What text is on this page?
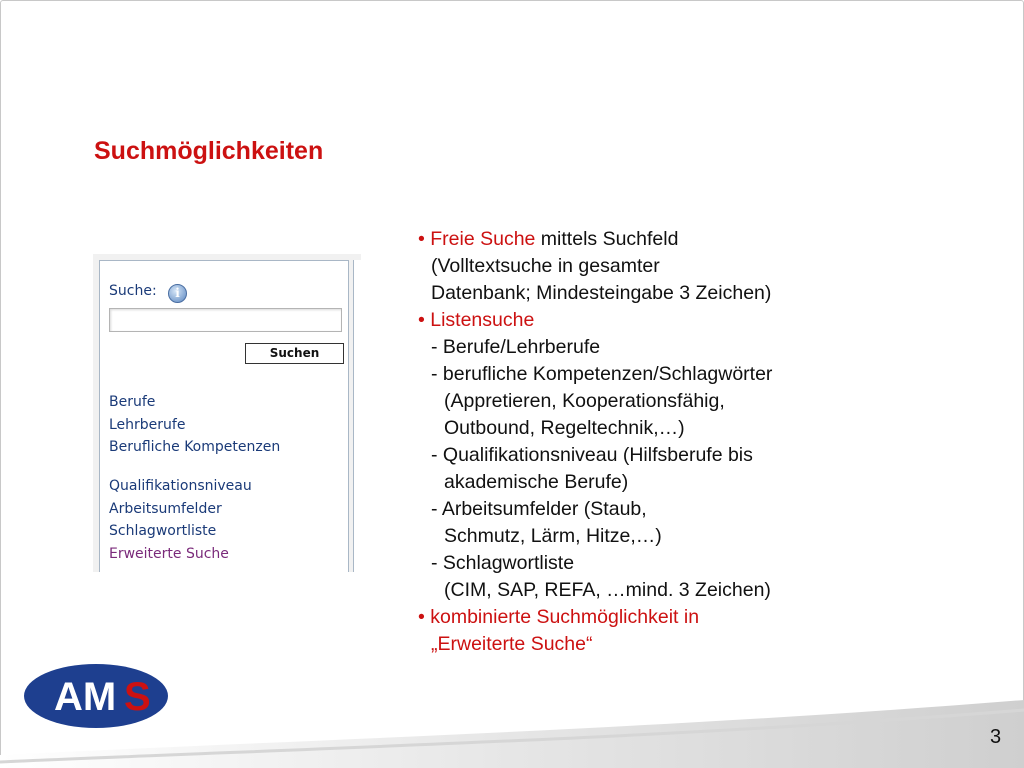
Suchmöglichkeiten
Suche:	i
Suchen
Berufe
Lehrberufe
Berufliche Kompetenzen
Qualifikationsniveau
Arbeitsumfelder
Schlagwortliste
Erweiterte Suche
• Freie Suche mittels Suchfeld
(Volltextsuche in gesamter
Datenbank; Mindesteingabe 3 Zeichen)
• Listensuche
- Berufe/Lehrberufe
- berufliche Kompetenzen/Schlagwörter
(Appretieren, Kooperationsfähig,
Outbound, Regeltechnik,…)
- Qualifikationsniveau (Hilfsberufe bis
akademische Berufe)
- Arbeitsumfelder (Staub,
Schmutz, Lärm, Hitze,…)
- Schlagwortliste
(CIM, SAP, REFA, …mind. 3 Zeichen)
• kombinierte Suchmöglichkeit in
„Erweiterte Suche“
AM S
3
